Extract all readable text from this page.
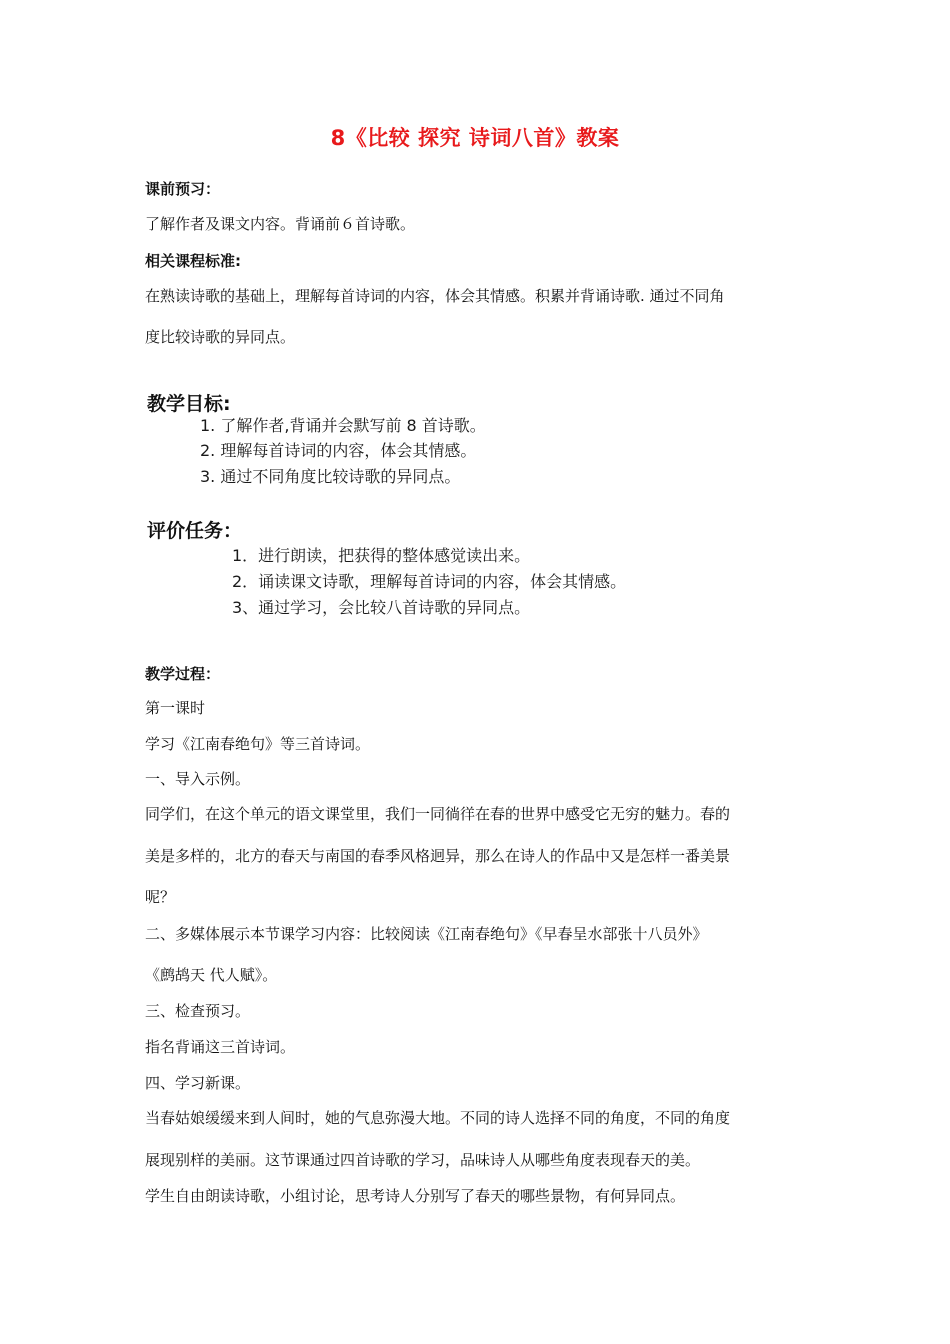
8《比较 探究 诗词八首》教案
课前预习：
了解作者及课文内容。背诵前６首诗歌。
相关课程标准:
在熟读诗歌的基础上，理解每首诗词的内容，体会其情感。积累并背诵诗歌. 通过不同角
度比较诗歌的异同点。
教学目标:
1. 了解作者,背诵并会默写前 8 首诗歌。
2. 理解每首诗词的内容，体会其情感。
3. 通过不同角度比较诗歌的异同点。
评价任务：
1．进行朗读，把获得的整体感觉读出来。
2．诵读课文诗歌，理解每首诗词的内容，体会其情感。
3、通过学习，会比较八首诗歌的异同点。
教学过程：
第一课时
学习《江南春绝句》等三首诗词。
一、导入示例。
同学们，在这个单元的语文课堂里，我们一同徜徉在春的世界中感受它无穷的魅力。春的
美是多样的，北方的春天与南国的春季风格迥异，那么在诗人的作品中又是怎样一番美景
呢？
二、多媒体展示本节课学习内容：比较阅读《江南春绝句》《早春呈水部张十八员外》
《鹧鸪天 代人赋》。
三、检查预习。
指名背诵这三首诗词。
四、学习新课。
当春姑娘缓缓来到人间时，她的气息弥漫大地。不同的诗人选择不同的角度，不同的角度
展现别样的美丽。这节课通过四首诗歌的学习，品味诗人从哪些角度表现春天的美。
学生自由朗读诗歌，小组讨论，思考诗人分别写了春天的哪些景物，有何异同点。
